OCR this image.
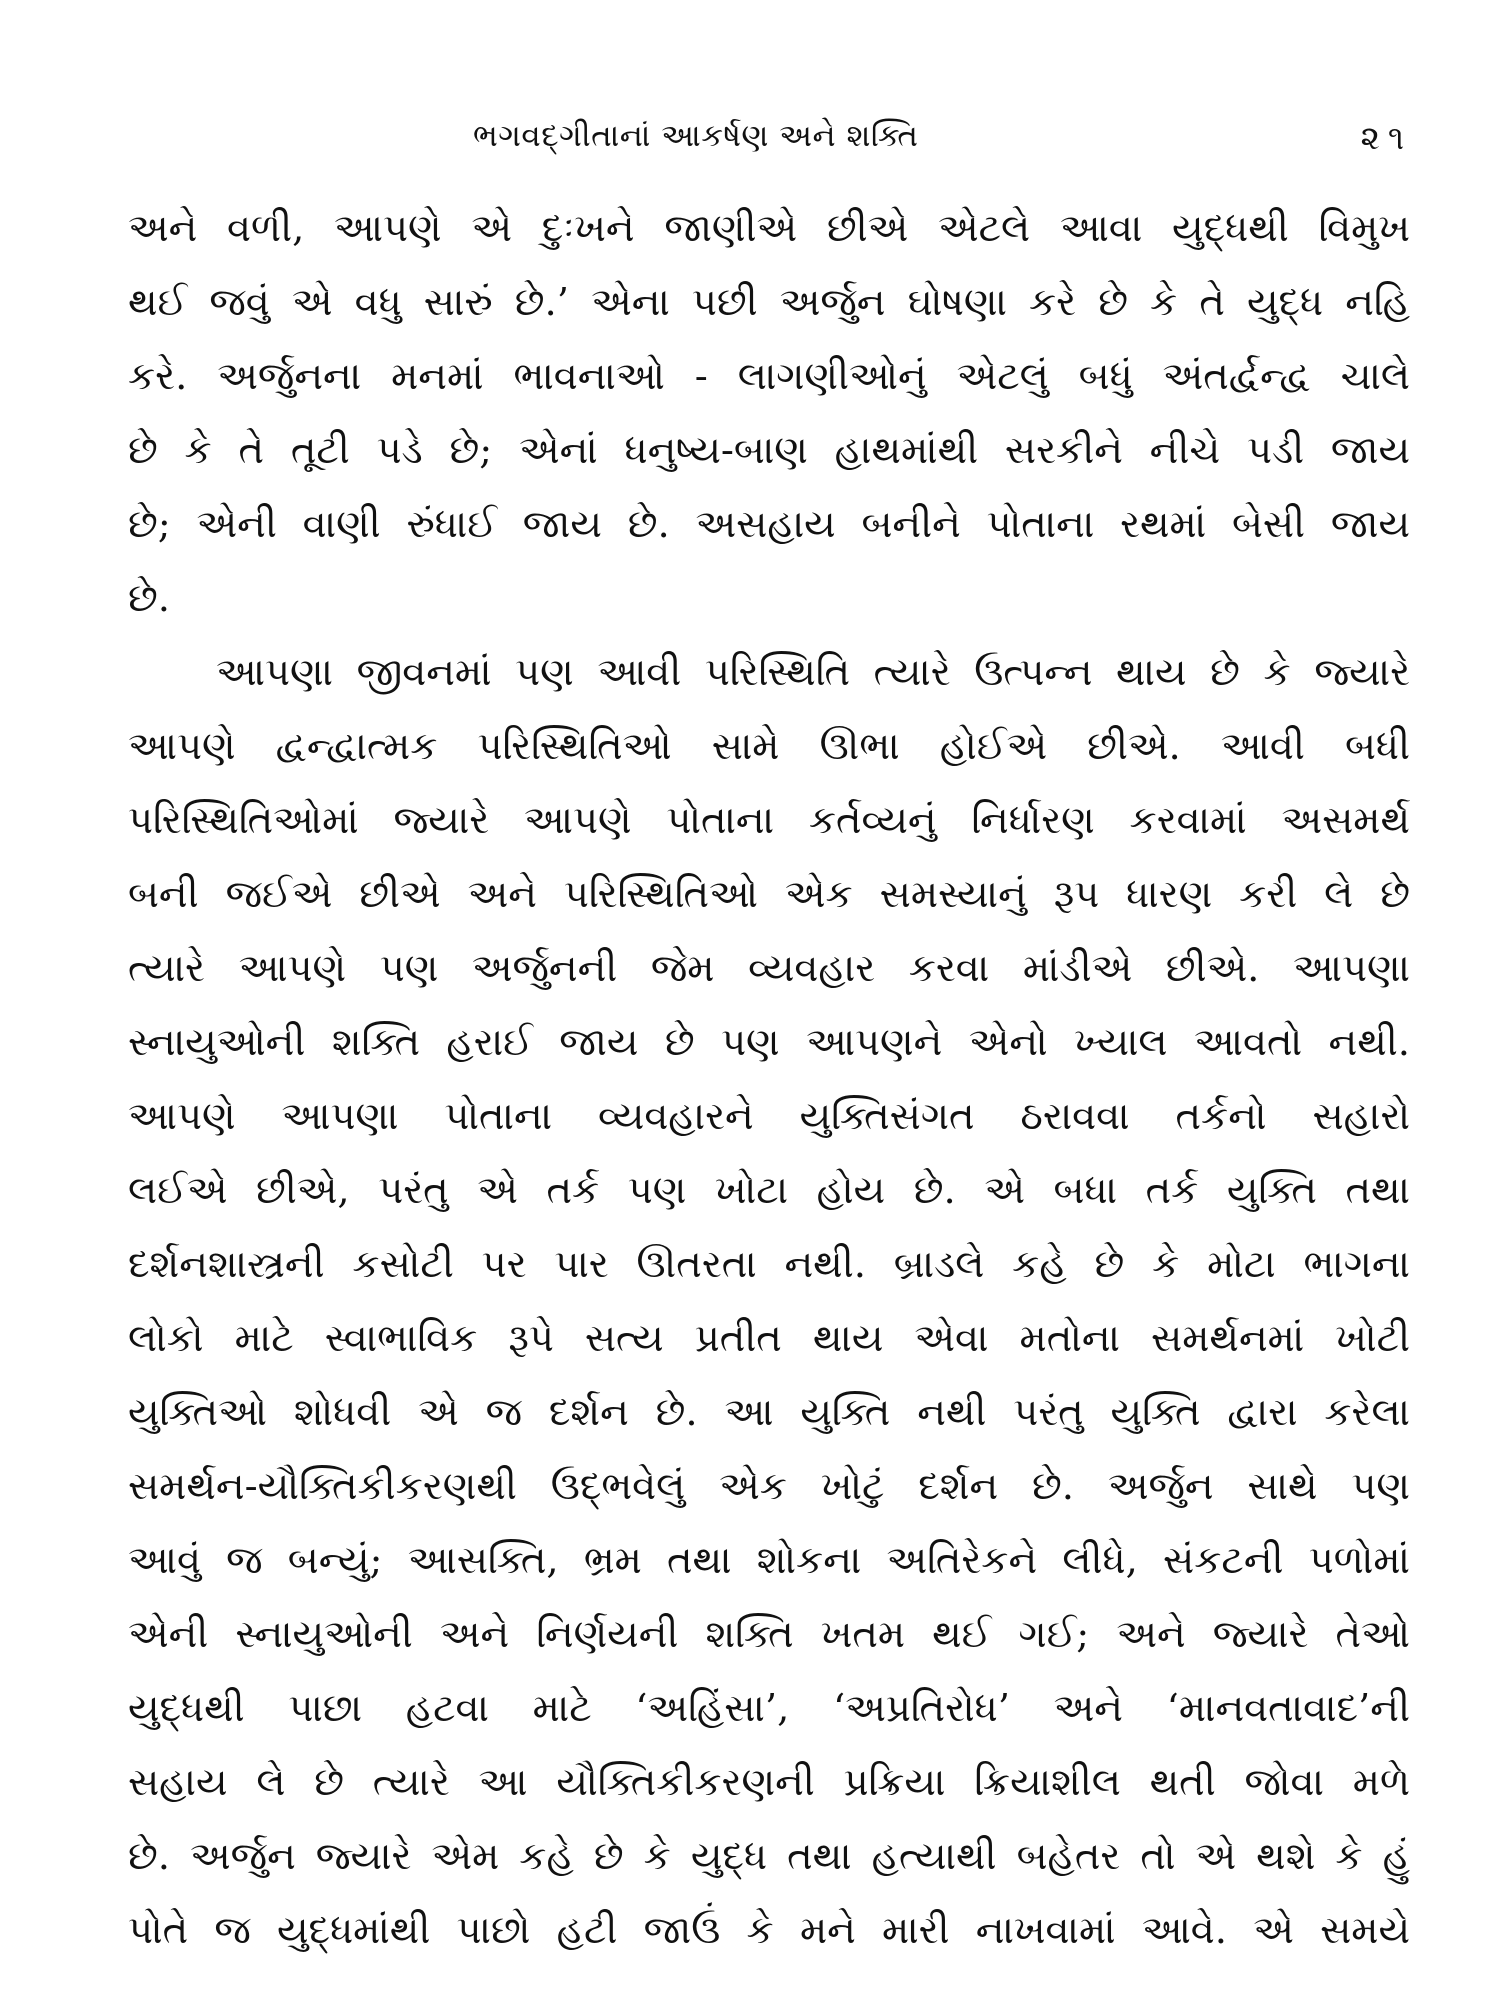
ભગવદ્ગીતાનાં આકર્ષણ અને શક્તિ	૨૧
અને વળી, આપણે એ દુઃખને જાણીએ છીએ એટલે આવા યુદ્ધથી વિમુખ
થઈ જવું એ વધુ સારું છે.’ એના પછી અર્જુન ઘોષણા કરે છે કે તે યુદ્ધ નહિ
કરે. અર્જુનના મનમાં ભાવનાઓ - લાગણીઓનું એટલું બધું અંતર્દ્વન્દ્વ ચાલે
છે કે તે તૂટી પડે છે; એનાં ધનુષ્ય-બાણ હાથમાંથી સરકીને નીચે પડી જાય
છે; એની વાણી રુંધાઈ જાય છે. અસહાય બનીને પોતાના રથમાં બેસી જાય
છે.
આપણા જીવનમાં પણ આવી પરિસ્થિતિ ત્યારે ઉત્પન્ન થાય છે કે જ્યારે
આપણે દ્વન્દ્વાત્મક પરિસ્થિતિઓ સામે ઊભા હોઈએ છીએ. આવી બધી
પરિસ્થિતિઓમાં જ્યારે આપણે પોતાના કર્તવ્યનું નિર્ધારણ કરવામાં અસમર્થ
બની જઈએ છીએ અને પરિસ્થિતિઓ એક સમસ્યાનું રૂપ ધારણ કરી લે છે
ત્યારે આપણે પણ અર્જુનની જેમ વ્યવહાર કરવા માંડીએ છીએ. આપણા
સ્નાયુઓની શક્તિ હરાઈ જાય છે પણ આપણને એનો ખ્યાલ આવતો નથી.
આપણે આપણા પોતાના વ્યવહારને યુક્તિસંગત ઠરાવવા તર્કનો સહારો
લઈએ છીએ, પરંતુ એ તર્ક પણ ખોટા હોય છે. એ બધા તર્ક યુક્તિ તથા
દર્શનશાસ્ત્રની કસોટી પર પાર ઊતરતા નથી. બ્રાડલે કહે છે કે મોટા ભાગના
લોકો માટે સ્વાભાવિક રૂપે સત્ય પ્રતીત થાય એવા મતોના સમર્થનમાં ખોટી
યુક્તિઓ શોધવી એ જ દર્શન છે. આ યુક્તિ નથી પરંતુ યુક્તિ દ્વારા કરેલા
સમર્થન-યૌક્તિકીકરણથી ઉદ્ભવેલું એક ખોટું દર્શન છે. અર્જુન સાથે પણ
આવું જ બન્યું; આસક્તિ, ભ્રમ તથા શોકના અતિરેકને લીધે, સંકટની પળોમાં
એની સ્નાયુઓની અને નિર્ણયની શક્તિ ખતમ થઈ ગઈ; અને જ્યારે તેઓ
યુદ્ધથી પાછા હટવા માટે ‘અહિંસા’, ‘અપ્રતિરોધ’ અને ‘માનવતાવાદ’ની
સહાય લે છે ત્યારે આ યૌક્તિકીકરણની પ્રક્રિયા ક્રિયાશીલ થતી જોવા મળે
છે. અર્જુન જ્યારે એમ કહે છે કે યુદ્ધ તથા હત્યાથી બહેતર તો એ થશે કે હું
પોતે જ યુદ્ધમાંથી પાછો હટી જાઉં કે મને મારી નાખવામાં આવે. એ સમયે
